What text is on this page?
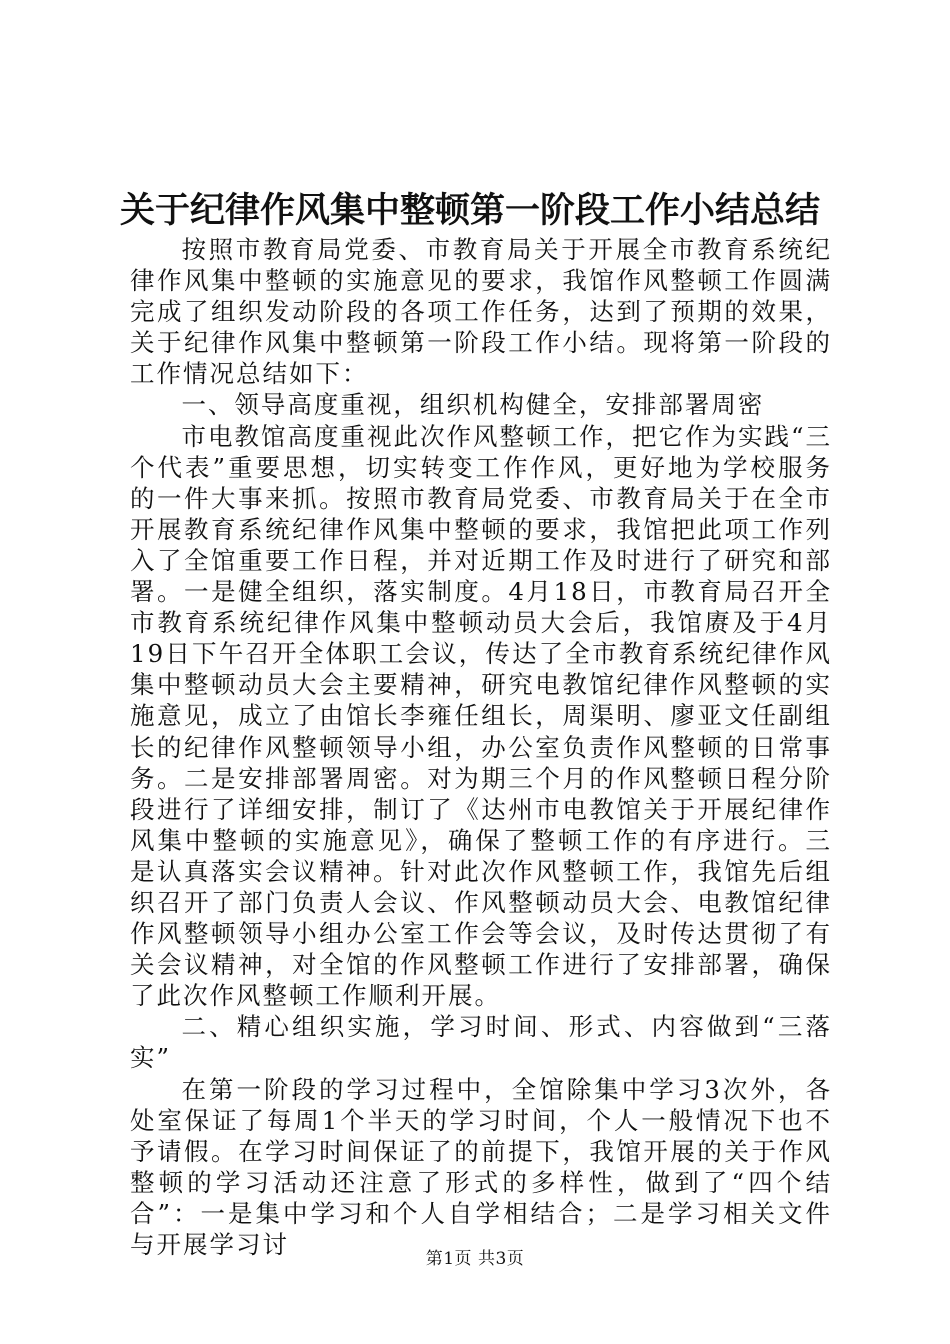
关于纪律作风集中整顿第一阶段工作小结总结

按照市教育局党委、市教育局关于开展全市教育系统纪律作风集中整顿的实施意见的要求，我馆作风整顿工作圆满完成了组织发动阶段的各项工作任务，达到了预期的效果，关于纪律作风集中整顿第一阶段工作小结。现将第一阶段的工作情况总结如下：

一、领导高度重视，组织机构健全，安排部署周密

市电教馆高度重视此次作风整顿工作，把它作为实践“三个代表”重要思想，切实转变工作作风，更好地为学校服务的一件大事来抓。按照市教育局党委、市教育局关于在全市开展教育系统纪律作风集中整顿的要求，我馆把此项工作列入了全馆重要工作日程，并对近期工作及时进行了研究和部署。一是健全组织，落实制度。4月18日，市教育局召开全市教育系统纪律作风集中整顿动员大会后，我馆赓及于4月19日下午召开全体职工会议，传达了全市教育系统纪律作风集中整顿动员大会主要精神，研究电教馆纪律作风整顿的实施意见，成立了由馆长李雍任组长，周渠明、廖亚文任副组长的纪律作风整顿领导小组，办公室负责作风整顿的日常事务。二是安排部署周密。对为期三个月的作风整顿日程分阶段进行了详细安排，制订了《达州市电教馆关于开展纪律作风集中整顿的实施意见》，确保了整顿工作的有序进行。三是认真落实会议精神。针对此次作风整顿工作，我馆先后组织召开了部门负责人会议、作风整顿动员大会、电教馆纪律作风整顿领导小组办公室工作会等会议，及时传达贯彻了有关会议精神，对全馆的作风整顿工作进行了安排部署，确保了此次作风整顿工作顺利开展。

二、精心组织实施，学习时间、形式、内容做到“三落实”

在第一阶段的学习过程中，全馆除集中学习3次外，各处室保证了每周1个半天的学习时间，个人一般情况下也不予请假。在学习时间保证了的前提下，我馆开展的关于作风整顿的学习活动还注意了形式的多样性，做到了“四个结合”：一是集中学习和个人自学相结合；二是学习相关文件与开展学习讨	第1页 共3页
